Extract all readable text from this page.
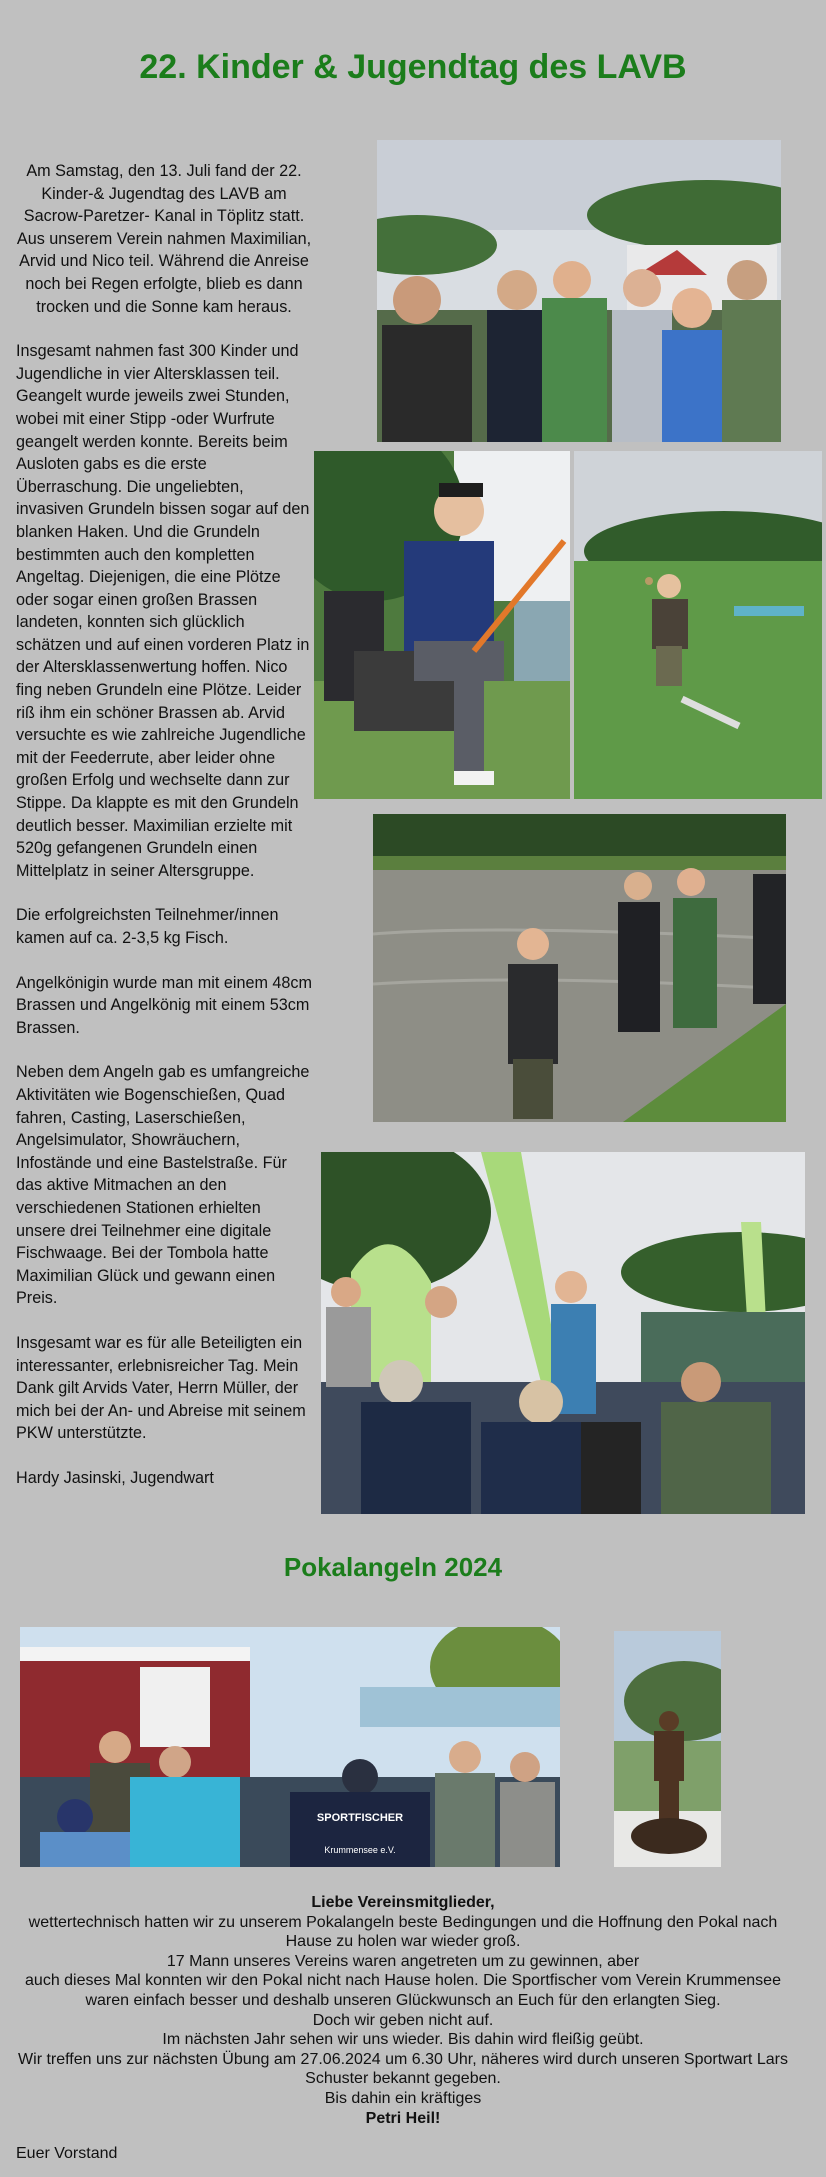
22. Kinder & Jugendtag des LAVB

Am Samstag, den 13. Juli fand der 22. Kinder-& Jugendtag des LAVB am Sacrow-Paretzer- Kanal in Töplitz statt. Aus unserem Verein nahmen Maximilian, Arvid und Nico teil. Während die Anreise noch bei Regen erfolgte, blieb es dann trocken und die Sonne kam heraus.

Insgesamt nahmen fast 300 Kinder und Jugendliche in vier Altersklassen teil. Geangelt wurde jeweils zwei Stunden, wobei mit einer Stipp -oder Wurfrute geangelt werden konnte. Bereits beim Ausloten gabs es die erste Überraschung. Die ungeliebten, invasiven Grundeln bissen sogar auf den blanken Haken. Und die Grundeln bestimmten auch den kompletten Angeltag. Diejenigen, die eine Plötze oder sogar einen großen Brassen landeten, konnten sich glücklich schätzen und auf einen vorderen Platz in der Altersklassenwertung hoffen. Nico fing neben Grundeln eine Plötze. Leider riß ihm ein schöner Brassen ab. Arvid versuchte es wie zahlreiche Jugendliche mit der Feederrute, aber leider ohne großen Erfolg und wechselte dann zur Stippe. Da klappte es mit den Grundeln deutlich besser. Maximilian erzielte mit 520g gefangenen Grundeln einen Mittelplatz in seiner Altersgruppe.

Die erfolgreichsten Teilnehmer/innen kamen auf ca. 2-3,5 kg Fisch.

Angelkönigin wurde man mit einem 48cm Brassen und Angelkönig mit einem 53cm Brassen.

Neben dem Angeln gab es umfangreiche Aktivitäten wie Bogenschießen, Quad fahren, Casting, Laserschießen, Angelsimulator, Showräuchern, Infostände und eine Bastelstraße. Für das aktive Mitmachen an den verschiedenen Stationen erhielten unsere drei Teilnehmer eine digitale Fischwaage. Bei der Tombola hatte Maximilian Glück und gewann einen Preis.

Insgesamt war es für alle Beteiligten ein interessanter, erlebnisreicher Tag. Mein Dank gilt Arvids Vater, Herrn Müller, der mich bei der An- und Abreise mit seinem PKW unterstützte.

Hardy Jasinski, Jugendwart

Pokalangeln 2024
SPORTFISCHER
Krummensee e.V.
Liebe Vereinsmitglieder,
wettertechnisch hatten wir zu unserem Pokalangeln beste Bedingungen und die Hoffnung den Pokal nach
Hause zu holen war wieder groß.
17 Mann unseres Vereins waren angetreten um zu gewinnen, aber
auch dieses Mal konnten wir den Pokal nicht nach Hause holen. Die Sportfischer vom Verein Krummensee
waren einfach besser und deshalb unseren Glückwunsch an Euch für den erlangten Sieg.
Doch wir geben nicht auf.
Im nächsten Jahr sehen wir uns wieder. Bis dahin wird fleißig geübt.
Wir treffen uns zur nächsten Übung am 27.06.2024 um 6.30 Uhr, näheres wird durch unseren Sportwart Lars
Schuster bekannt gegeben.
Bis dahin ein kräftiges
Petri Heil!
Euer Vorstand
